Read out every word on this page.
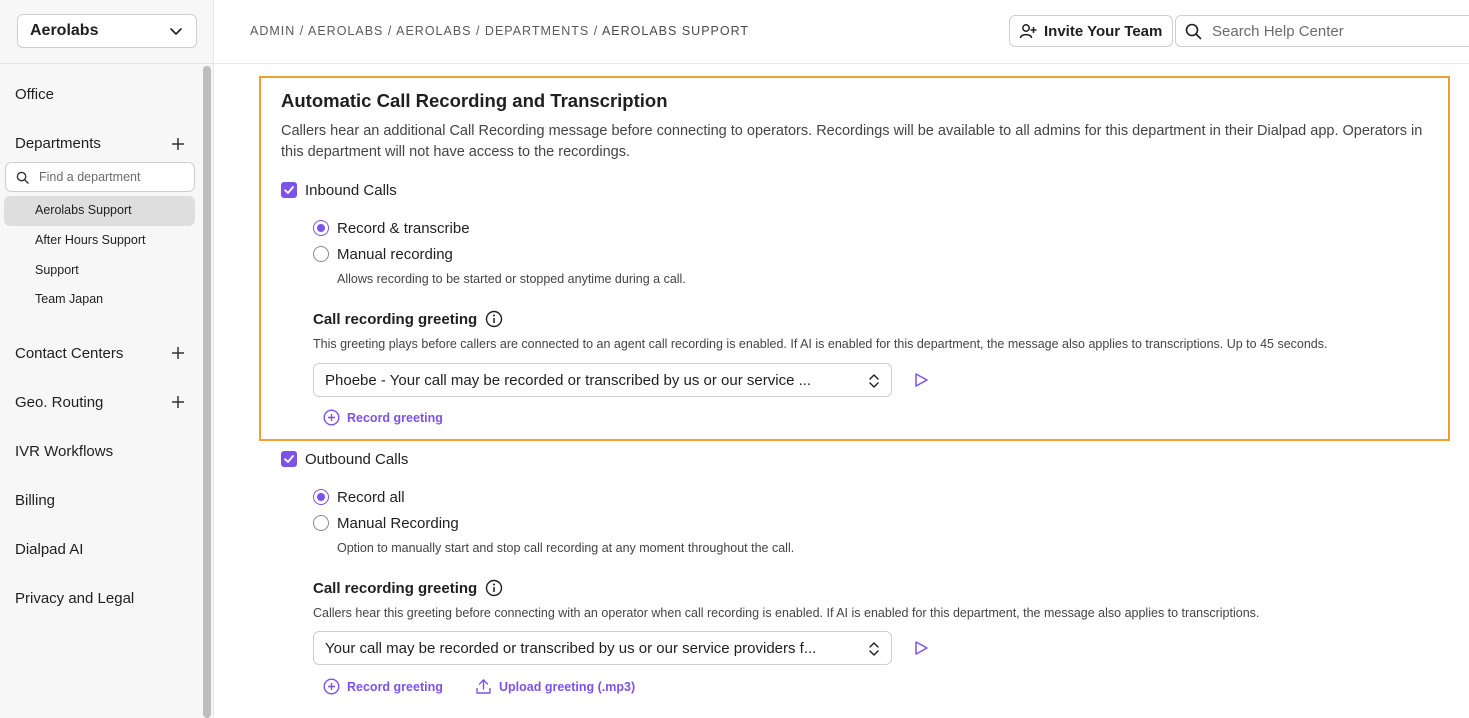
Aerolabs
Office
Departments
Find a department
Aerolabs Support
After Hours Support
Support
Team Japan
Contact Centers
Geo. Routing
IVR Workflows
Billing
Dialpad AI
Privacy and Legal
ADMIN / AEROLABS / AEROLABS / DEPARTMENTS / AEROLABS SUPPORT	Invite Your Team
Search Help Center
Automatic Call Recording and Transcription
Callers hear an additional Call Recording message before connecting to operators. Recordings will be available to all admins for this department in their Dialpad app. Operators in this department will not have access to the recordings.
Inbound Calls
Record & transcribe
Manual recording
Allows recording to be started or stopped anytime during a call.
Call recording greeting
This greeting plays before callers are connected to an agent call recording is enabled. If AI is enabled for this department, the message also applies to transcriptions. Up to 45 seconds.
Phoebe - Your call may be recorded or transcribed by us or our service ...
Record greeting
Outbound Calls
Record all
Manual Recording
Option to manually start and stop call recording at any moment throughout the call.
Call recording greeting
Callers hear this greeting before connecting with an operator when call recording is enabled. If AI is enabled for this department, the message also applies to transcriptions.
Your call may be recorded or transcribed by us or our service providers f...
Record greeting	Upload greeting (.mp3)
